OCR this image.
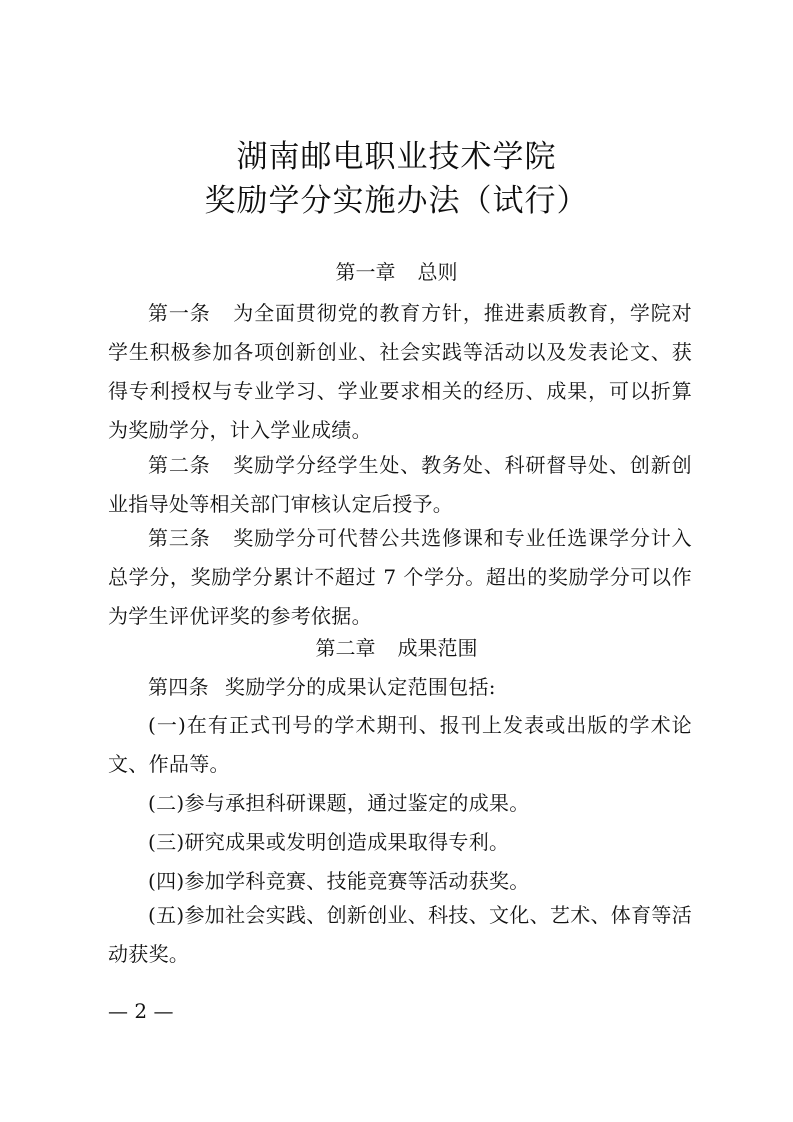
湖南邮电职业技术学院
奖励学分实施办法（试行）
第一章 总则
第一条 为全面贯彻党的教育方针，推进素质教育，学院对学生积极参加各项创新创业、社会实践等活动以及发表论文、获得专利授权与专业学习、学业要求相关的经历、成果，可以折算为奖励学分，计入学业成绩。
第二条 奖励学分经学生处、教务处、科研督导处、创新创业指导处等相关部门审核认定后授予。
第三条 奖励学分可代替公共选修课和专业任选课学分计入总学分，奖励学分累计不超过 7 个学分。超出的奖励学分可以作为学生评优评奖的参考依据。
第二章 成果范围
第四条 奖励学分的成果认定范围包括:
(一)在有正式刊号的学术期刊、报刊上发表或出版的学术论文、作品等。
(二)参与承担科研课题，通过鉴定的成果。
(三)研究成果或发明创造成果取得专利。
(四)参加学科竞赛、技能竞赛等活动获奖。
(五)参加社会实践、创新创业、科技、文化、艺术、体育等活动获奖。
— 2 —
